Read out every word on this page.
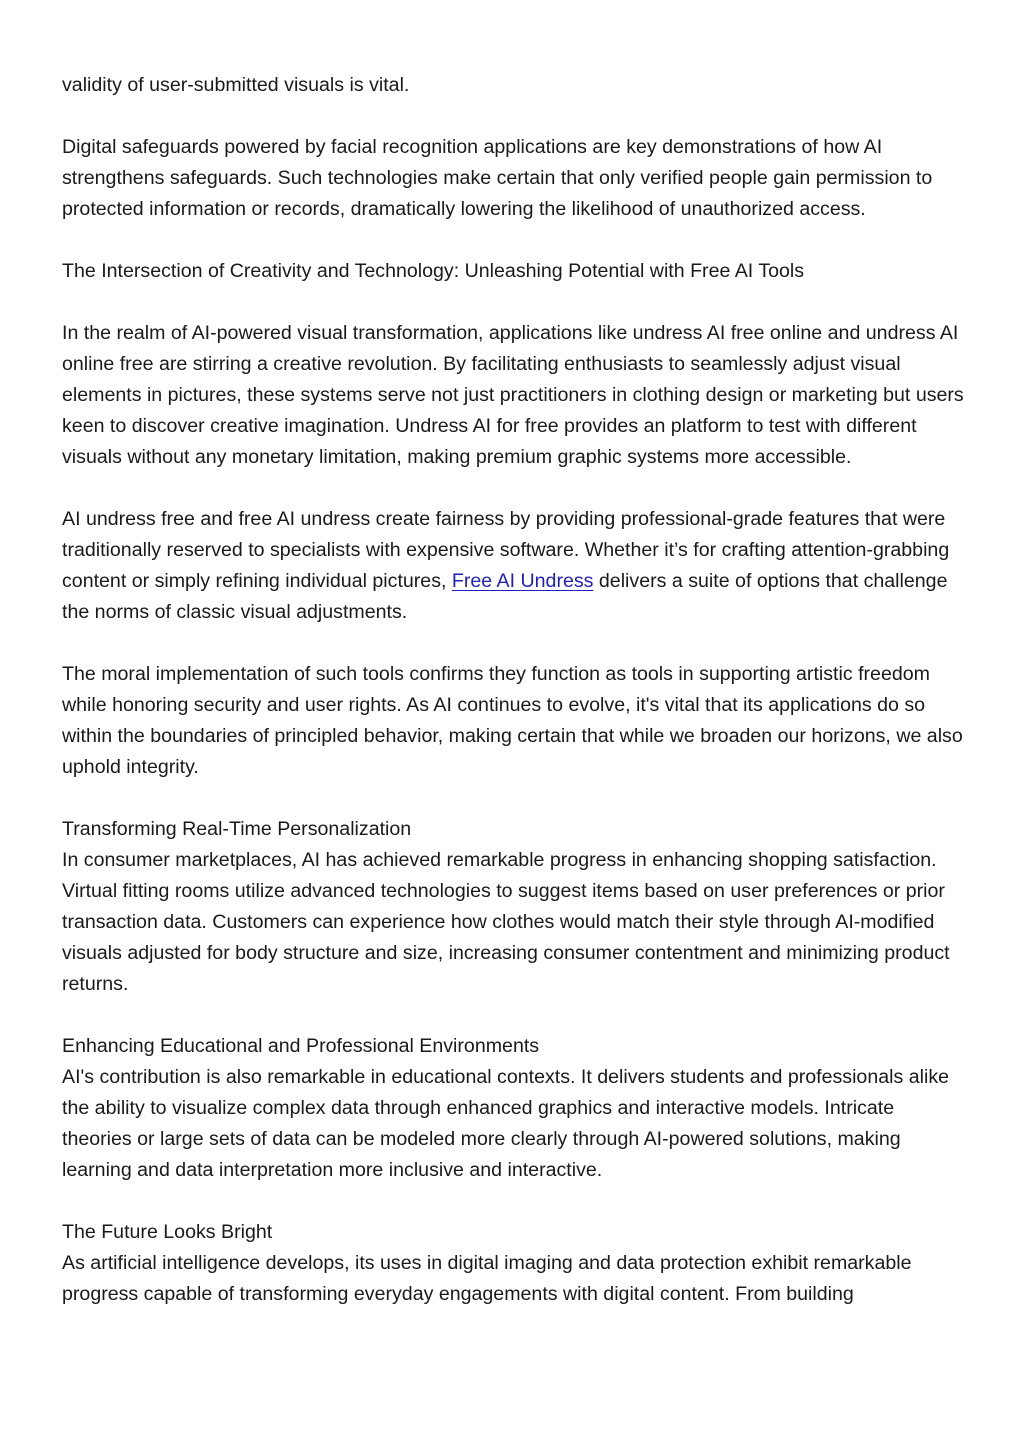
validity of user-submitted visuals is vital.

Digital safeguards powered by facial recognition applications are key demonstrations of how AI strengthens safeguards. Such technologies make certain that only verified people gain permission to protected information or records, dramatically lowering the likelihood of unauthorized access.

The Intersection of Creativity and Technology: Unleashing Potential with Free AI Tools

In the realm of AI-powered visual transformation, applications like undress AI free online and undress AI online free are stirring a creative revolution. By facilitating enthusiasts to seamlessly adjust visual elements in pictures, these systems serve not just practitioners in clothing design or marketing but users keen to discover creative imagination. Undress AI for free provides an platform to test with different visuals without any monetary limitation, making premium graphic systems more accessible.

AI undress free and free AI undress create fairness by providing professional-grade features that were traditionally reserved to specialists with expensive software. Whether it’s for crafting attention-grabbing content or simply refining individual pictures, Free AI Undress delivers a suite of options that challenge the norms of classic visual adjustments.

The moral implementation of such tools confirms they function as tools in supporting artistic freedom while honoring security and user rights. As AI continues to evolve, it's vital that its applications do so within the boundaries of principled behavior, making certain that while we broaden our horizons, we also uphold integrity.

Transforming Real-Time Personalization

In consumer marketplaces, AI has achieved remarkable progress in enhancing shopping satisfaction. Virtual fitting rooms utilize advanced technologies to suggest items based on user preferences or prior transaction data. Customers can experience how clothes would match their style through AI-modified visuals adjusted for body structure and size, increasing consumer contentment and minimizing product returns.

Enhancing Educational and Professional Environments

AI's contribution is also remarkable in educational contexts. It delivers students and professionals alike the ability to visualize complex data through enhanced graphics and interactive models. Intricate theories or large sets of data can be modeled more clearly through AI-powered solutions, making learning and data interpretation more inclusive and interactive.

The Future Looks Bright

As artificial intelligence develops, its uses in digital imaging and data protection exhibit remarkable progress capable of transforming everyday engagements with digital content. From building
